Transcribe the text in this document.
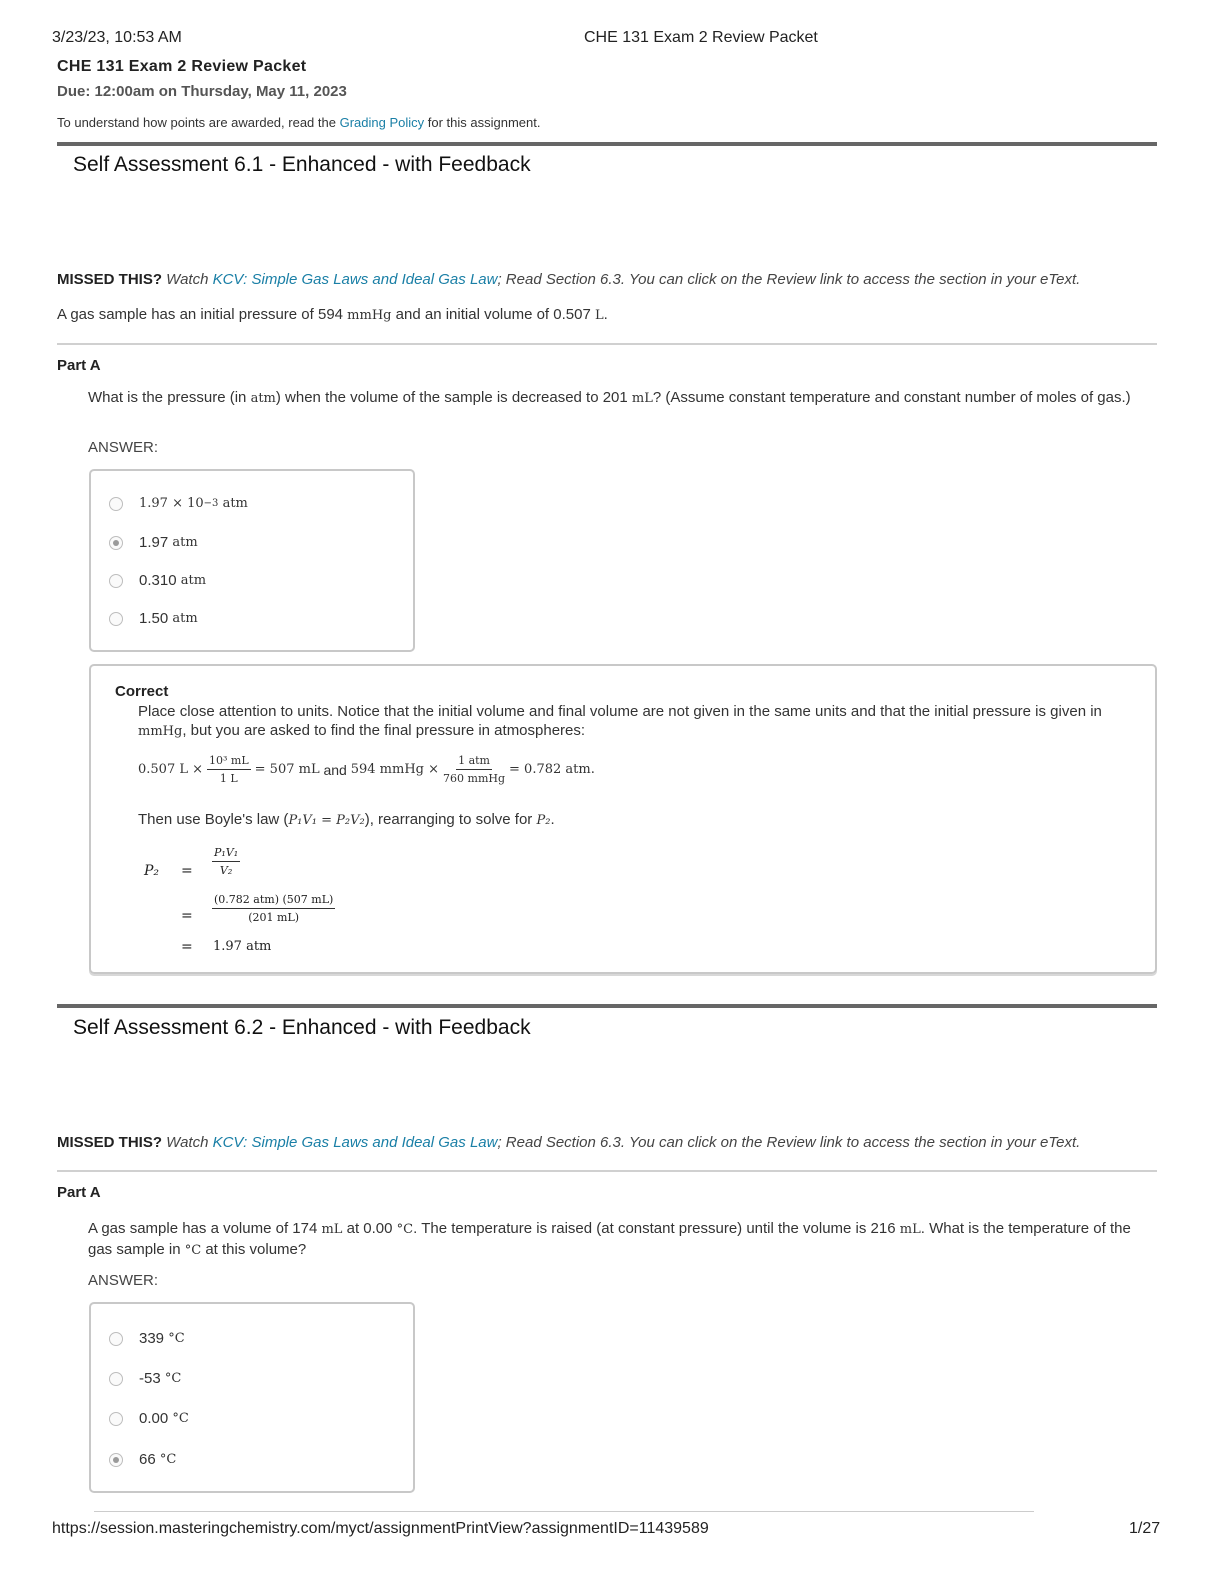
3/23/23, 10:53 AM	CHE 131 Exam 2 Review Packet
CHE 131 Exam 2 Review Packet
Due: 12:00am on Thursday, May 11, 2023
To understand how points are awarded, read the Grading Policy for this assignment.
Self Assessment 6.1 - Enhanced - with Feedback
MISSED THIS? Watch KCV: Simple Gas Laws and Ideal Gas Law; Read Section 6.3. You can click on the Review link to access the section in your eText.
A gas sample has an initial pressure of 594 mmHg and an initial volume of 0.507 L.
Part A
What is the pressure (in atm) when the volume of the sample is decreased to 201 mL? (Assume constant temperature and constant number of moles of gas.)
ANSWER:
1.97 × 10 −3
atm
1.97
atm
0.310
atm
1.50
atm
Correct
Place close attention to units. Notice that the initial volume and final volume are not given in the same units and that the initial pressure is given in mmHg, but you are asked to find the final pressure in atmospheres:
0.507 $L \times \frac{\text{10³ mL}}{1 L} = 507$ mL and 594 mmHg × $\frac{\text{1 atm}}{\text{760 mmHg}} = 0.782$ atm.
Then use Boyle's law (P₁V₁ = P₂V₂), rearranging to solve for P₂.
$P_2 = \frac{\text{P₁V₁}}{\text{V₂}}$
= $\frac{\text{(0.782 atm) (507 mL)}}{(201 mL)}$
= 1.97 atm
Self Assessment 6.2 - Enhanced - with Feedback
MISSED THIS? Watch KCV: Simple Gas Laws and Ideal Gas Law; Read Section 6.3. You can click on the Review link to access the section in your eText.
Part A
A gas sample has a volume of 174 mL at 0.00 °C. The temperature is raised (at constant pressure) until the volume is 216 mL. What is the temperature of the gas sample in °C at this volume?
ANSWER:
339
°C
-53
°C
0.00
°C
66
°C
https://session.masteringchemistry.com/myct/assignmentPrintView?assignmentID=11439589	1/27
